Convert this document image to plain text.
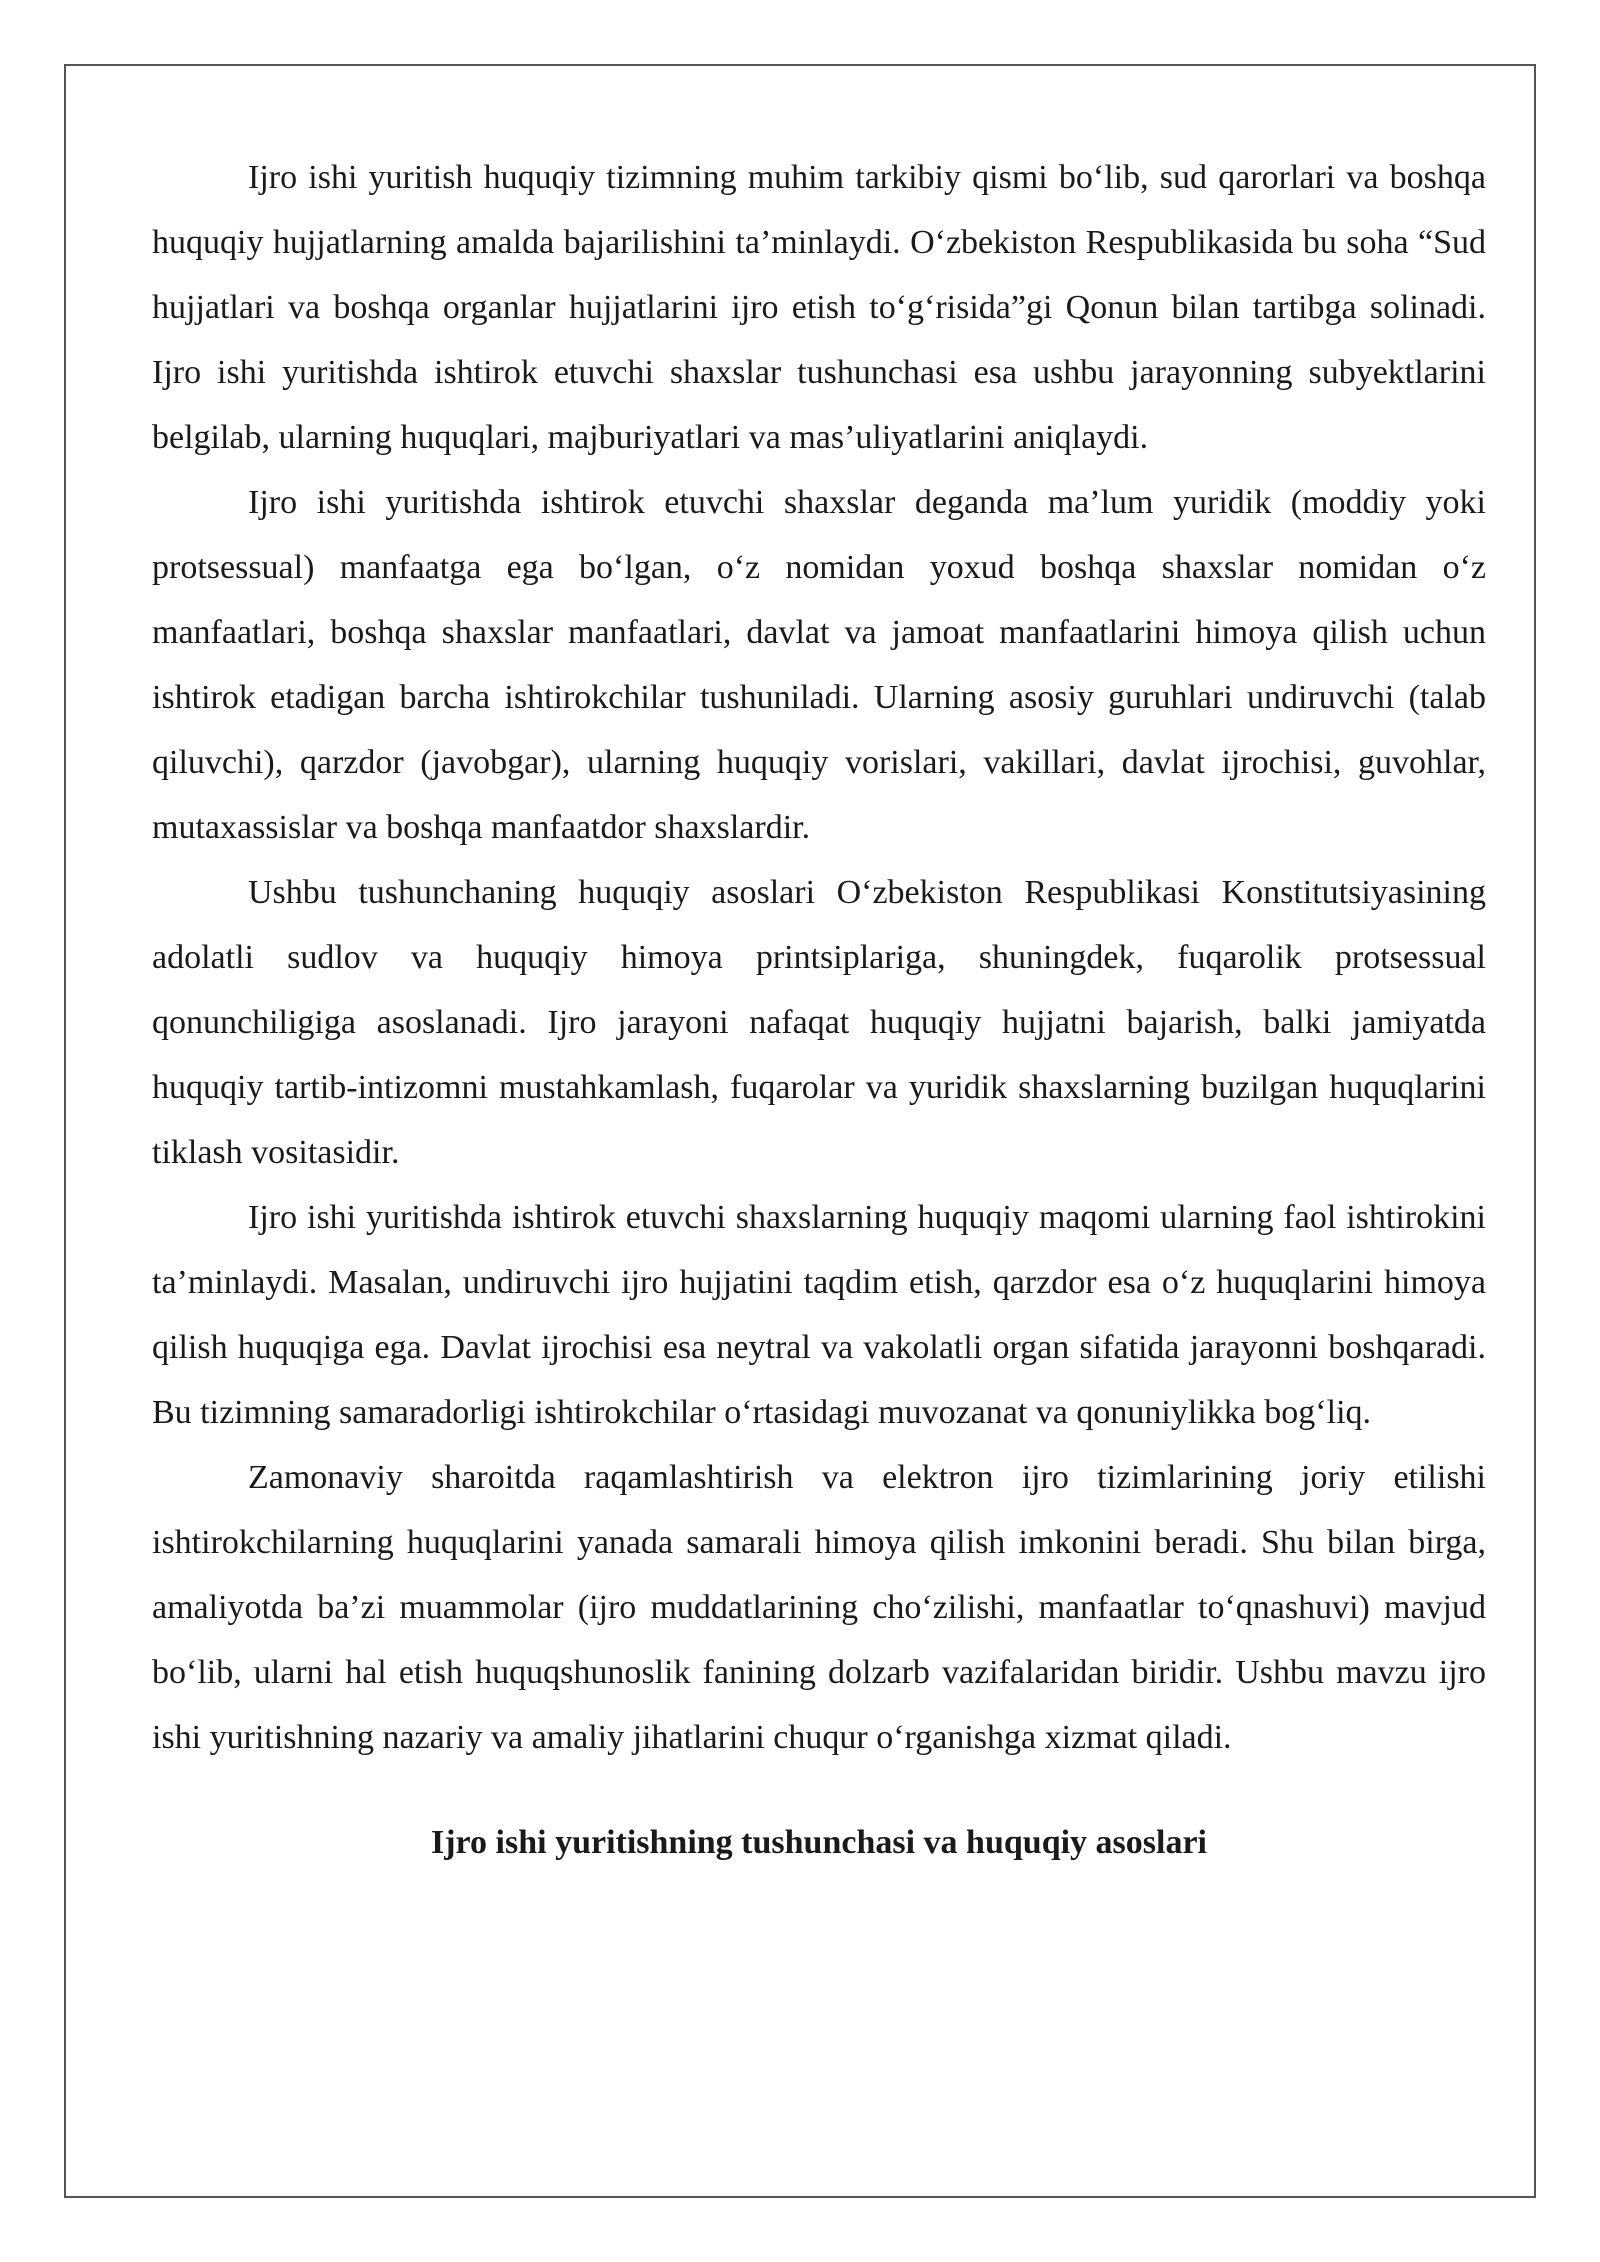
Ijro ishi yuritish huquqiy tizimning muhim tarkibiy qismi bo‘lib, sud qarorlari va boshqa huquqiy hujjatlarning amalda bajarilishini ta’minlaydi. O‘zbekiston Respublikasida bu soha “Sud hujjatlari va boshqa organlar hujjatlarini ijro etish to‘g‘risida”gi Qonun bilan tartibga solinadi. Ijro ishi yuritishda ishtirok etuvchi shaxslar tushunchasi esa ushbu jarayonning subyektlarini belgilab, ularning huquqlari, majburiyatlari va mas’uliyatlarini aniqlaydi.

Ijro ishi yuritishda ishtirok etuvchi shaxslar deganda ma’lum yuridik (moddiy yoki protsessual) manfaatga ega bo‘lgan, o‘z nomidan yoxud boshqa shaxslar nomidan o‘z manfaatlari, boshqa shaxslar manfaatlari, davlat va jamoat manfaatlarini himoya qilish uchun ishtirok etadigan barcha ishtirokchilar tushuniladi. Ularning asosiy guruhlari undiruvchi (talab qiluvchi), qarzdor (javobgar), ularning huquqiy vorislari, vakillari, davlat ijrochisi, guvohlar, mutaxassislar va boshqa manfaatdor shaxslardir.

Ushbu tushunchaning huquqiy asoslari O‘zbekiston Respublikasi Konstitutsiyasining adolatli sudlov va huquqiy himoya printsiplariga, shuningdek, fuqarolik protsessual qonunchiligiga asoslanadi. Ijro jarayoni nafaqat huquqiy hujjatni bajarish, balki jamiyatda huquqiy tartib-intizomni mustahkamlash, fuqarolar va yuridik shaxslarning buzilgan huquqlarini tiklash vositasidir.

Ijro ishi yuritishda ishtirok etuvchi shaxslarning huquqiy maqomi ularning faol ishtirokini ta’minlaydi. Masalan, undiruvchi ijro hujjatini taqdim etish, qarzdor esa o‘z huquqlarini himoya qilish huquqiga ega. Davlat ijrochisi esa neytral va vakolatli organ sifatida jarayonni boshqaradi. Bu tizimning samaradorligi ishtirokchilar o‘rtasidagi muvozanat va qonuniylikka bog‘liq.

Zamonaviy sharoitda raqamlashtirish va elektron ijro tizimlarining joriy etilishi ishtirokchilarning huquqlarini yanada samarali himoya qilish imkonini beradi. Shu bilan birga, amaliyotda ba’zi muammolar (ijro muddatlarining cho‘zilishi, manfaatlar to‘qnashuvi) mavjud bo‘lib, ularni hal etish huquqshunoslik fanining dolzarb vazifalaridan biridir. Ushbu mavzu ijro ishi yuritishning nazariy va amaliy jihatlarini chuqur o‘rganishga xizmat qiladi.

Ijro ishi yuritishning tushunchasi va huquqiy asoslari
